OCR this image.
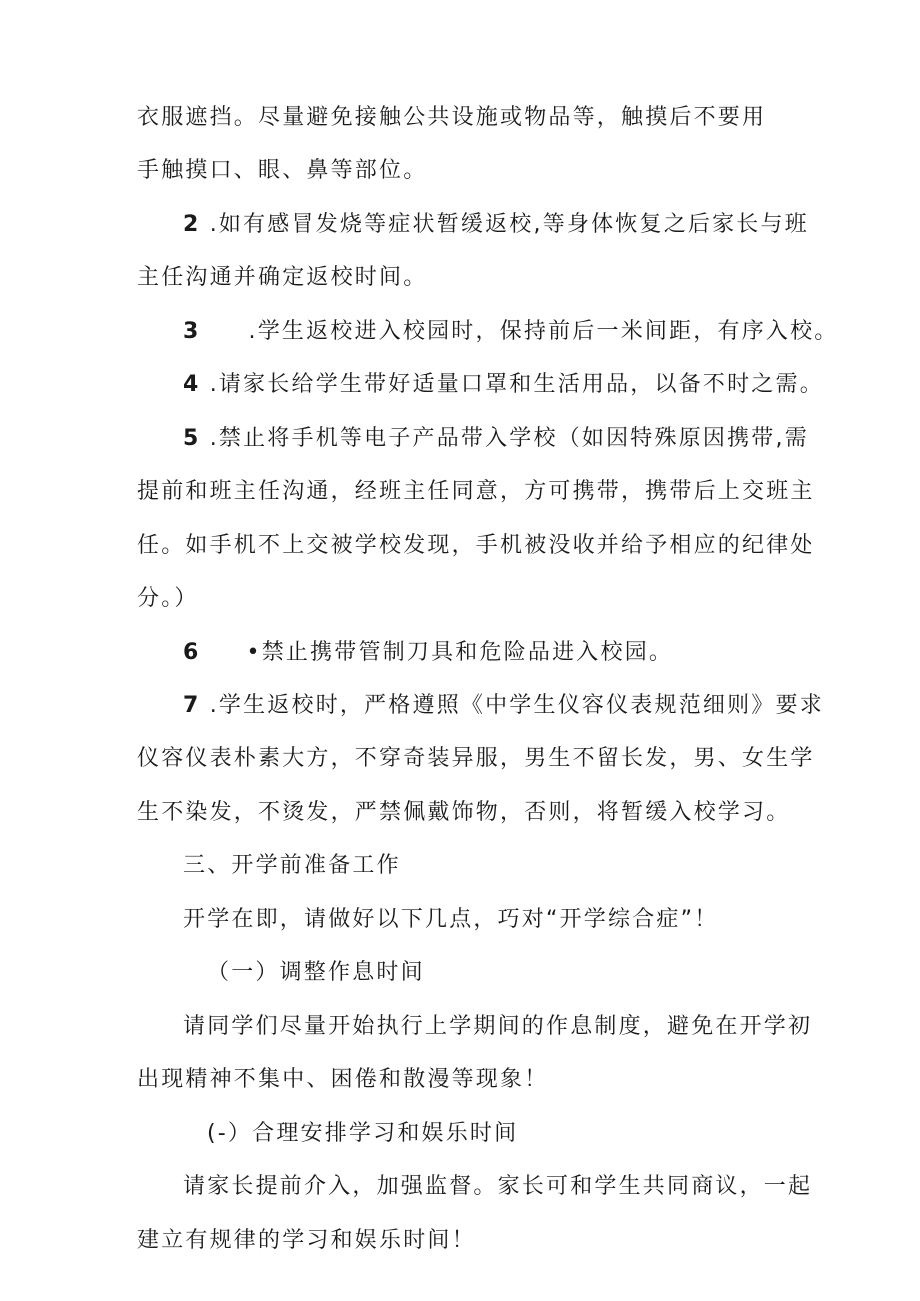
衣服遮挡。尽量避免接触公共设施或物品等，触摸后不要用
手触摸口、眼、鼻等部位。
2 .如有感冒发烧等症状暂缓返校,等身体恢复之后家长与班
主任沟通并确定返校时间。
3 .学生返校进入校园时，保持前后一米间距，有序入校。
4 .请家长给学生带好适量口罩和生活用品，以备不时之需。
5 .禁止将手机等电子产品带入学校（如因特殊原因携带,需
提前和班主任沟通，经班主任同意，方可携带，携带后上交班主
任。如手机不上交被学校发现，手机被没收并给予相应的纪律处
分。）
6 •禁止携带管制刀具和危险品进入校园。
7 .学生返校时，严格遵照《中学生仪容仪表规范细则》要求
仪容仪表朴素大方，不穿奇装异服，男生不留长发，男、女生学
生不染发，不烫发，严禁佩戴饰物，否则，将暂缓入校学习。
三、开学前准备工作
开学在即，请做好以下几点，巧对“开学综合症”！
（一）调整作息时间
请同学们尽量开始执行上学期间的作息制度，避免在开学初
出现精神不集中、困倦和散漫等现象！
(-）合理安排学习和娱乐时间
请家长提前介入，加强监督。家长可和学生共同商议，一起
建立有规律的学习和娱乐时间！
